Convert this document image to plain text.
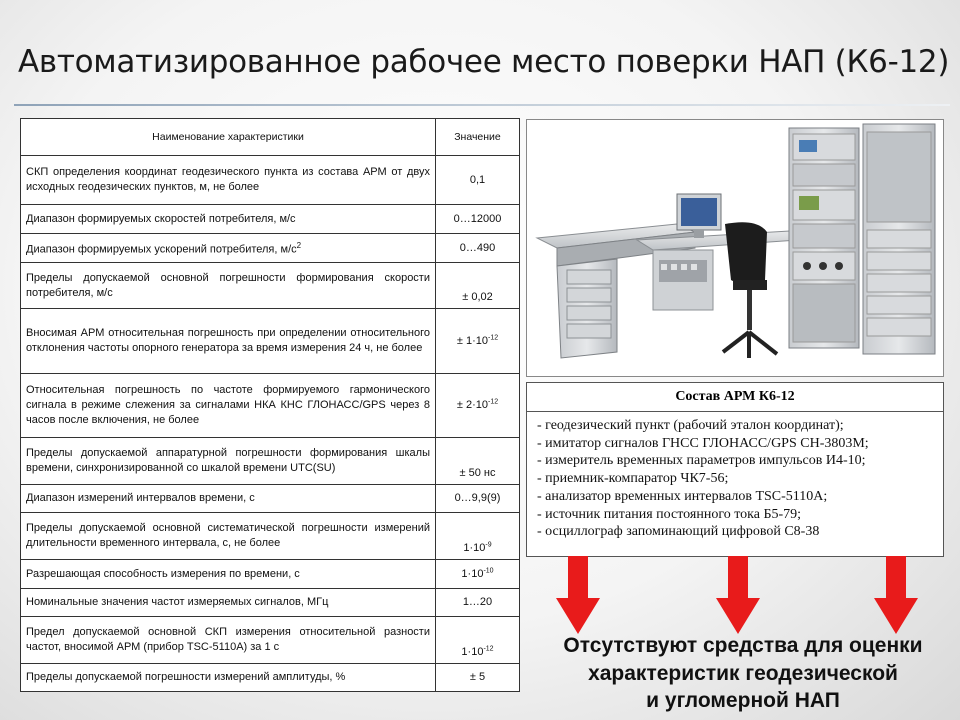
Автоматизированное рабочее место поверки НАП (К6-12)
Наименование характеристики	Значение
СКП определения координат геодезического пункта из состава АРМ от двух исходных геодезических пунктов, м, не более	0,1
Диапазон формируемых скоростей потребителя, м/с	0…12000
Диапазон формируемых ускорений потребителя, $м/с^2$	0…490
Пределы допускаемой основной погрешности формирования скорости потребителя, м/с	± 0,02
Вносимая АРМ относительная погрешность при определении относительного отклонения частоты опорного генератора за время измерения 24 ч, не более	± $1\cdot 10^{-12}$
Относительная погрешность по частоте формируемого гармонического сигнала в режиме слежения за сигналами НКА КНС ГЛОНАСС/GPS через 8 часов после включения, не более	± $2\cdot 10^{-12}$
Пределы допускаемой аппаратурной погрешности формирования шкалы времени, синхронизированной со шкалой времени UTC(SU)	± 50 нс
Диапазон измерений интервалов времени, с	0…9,9(9)
Пределы допускаемой основной систематической погрешности измерений длительности временного интервала, с, не более	$1\cdot 10^{-9}$
Разрешающая способность измерения по времени, с	$1\cdot 10^{-10}$
Номинальные значения частот измеряемых сигналов, МГц	1…20
Предел допускаемой основной СКП измерения относительной разности частот, вносимой АРМ (прибор TSC-5110A) за 1 с	$1\cdot 10^{-12}$
Пределы допускаемой погрешности измерений амплитуды, %	± 5
Состав АРМ К6-12
- геодезический пункт (рабочий эталон координат);
- имитатор сигналов ГНСС ГЛОНАСС/GPS СН-3803М;
- измеритель временных параметров импульсов И4-10;
- приемник-компаратор ЧК7-56;
- анализатор временных интервалов TSC-5110A;
- источник питания постоянного тока Б5-79;
- осциллограф запоминающий цифровой С8-38
Отсутствуют средства для оценки
характеристик геодезической
и угломерной НАП
